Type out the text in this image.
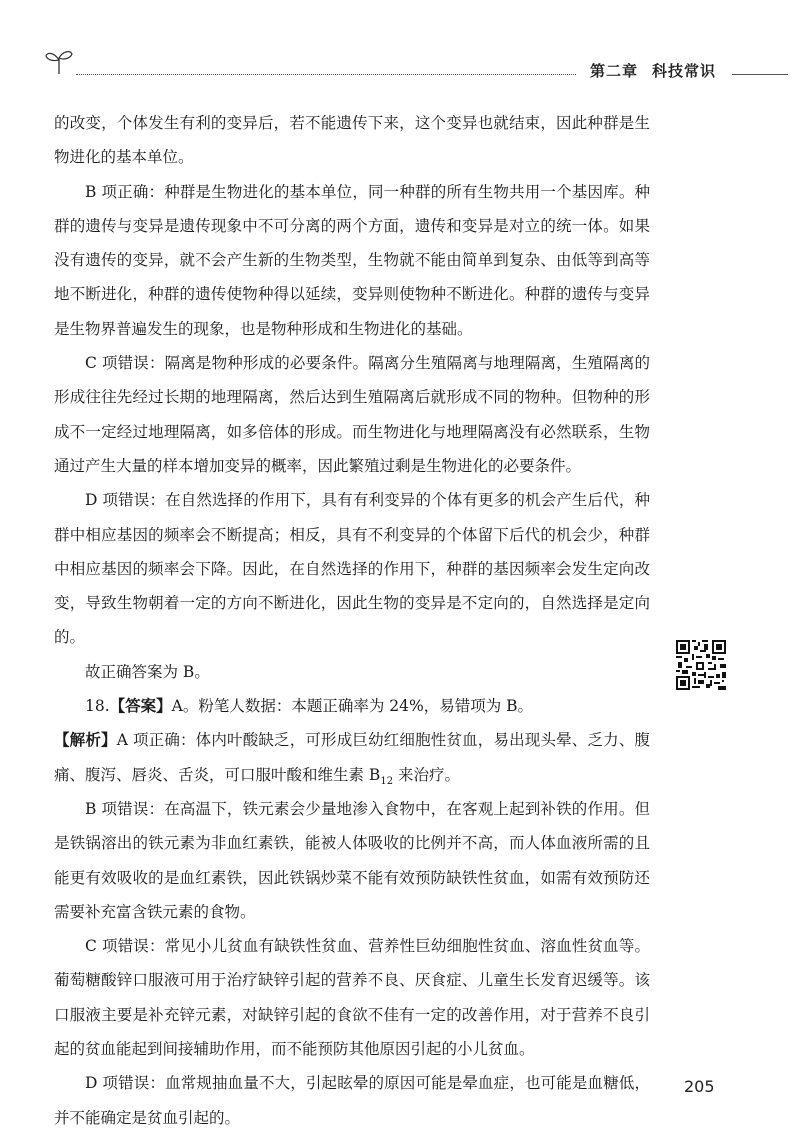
第二章 科技常识

的改变，个体发生有利的变异后，若不能遗传下来，这个变异也就结束，因此种群是生物进化的基本单位。

B 项正确：种群是生物进化的基本单位，同一种群的所有生物共用一个基因库。种群的遗传与变异是遗传现象中不可分离的两个方面，遗传和变异是对立的统一体。如果没有遗传的变异，就不会产生新的生物类型，生物就不能由简单到复杂、由低等到高等地不断进化，种群的遗传使物种得以延续，变异则使物种不断进化。种群的遗传与变异是生物界普遍发生的现象，也是物种形成和生物进化的基础。

C 项错误：隔离是物种形成的必要条件。隔离分生殖隔离与地理隔离，生殖隔离的形成往往先经过长期的地理隔离，然后达到生殖隔离后就形成不同的物种。但物种的形成不一定经过地理隔离，如多倍体的形成。而生物进化与地理隔离没有必然联系，生物通过产生大量的样本增加变异的概率，因此繁殖过剩是生物进化的必要条件。

D 项错误：在自然选择的作用下，具有有利变异的个体有更多的机会产生后代，种群中相应基因的频率会不断提高；相反，具有不利变异的个体留下后代的机会少，种群中相应基因的频率会下降。因此，在自然选择的作用下，种群的基因频率会发生定向改变，导致生物朝着一定的方向不断进化，因此生物的变异是不定向的，自然选择是定向的。

故正确答案为 B。

18.【答案】A。粉笔人数据：本题正确率为 24%，易错项为 B。

【解析】A 项正确：体内叶酸缺乏，可形成巨幼红细胞性贫血，易出现头晕、乏力、腹痛、腹泻、唇炎、舌炎，可口服叶酸和维生素 $B_{12}$ 来治疗。

B 项错误：在高温下，铁元素会少量地渗入食物中，在客观上起到补铁的作用。但是铁锅溶出的铁元素为非血红素铁，能被人体吸收的比例并不高，而人体血液所需的且能更有效吸收的是血红素铁，因此铁锅炒菜不能有效预防缺铁性贫血，如需有效预防还需要补充富含铁元素的食物。

C 项错误：常见小儿贫血有缺铁性贫血、营养性巨幼细胞性贫血、溶血性贫血等。葡萄糖酸锌口服液可用于治疗缺锌引起的营养不良、厌食症、儿童生长发育迟缓等。该口服液主要是补充锌元素，对缺锌引起的食欲不佳有一定的改善作用，对于营养不良引起的贫血能起到间接辅助作用，而不能预防其他原因引起的小儿贫血。

D 项错误：血常规抽血量不大，引起眩晕的原因可能是晕血症，也可能是血糖低，并不能确定是贫血引起的。

205
